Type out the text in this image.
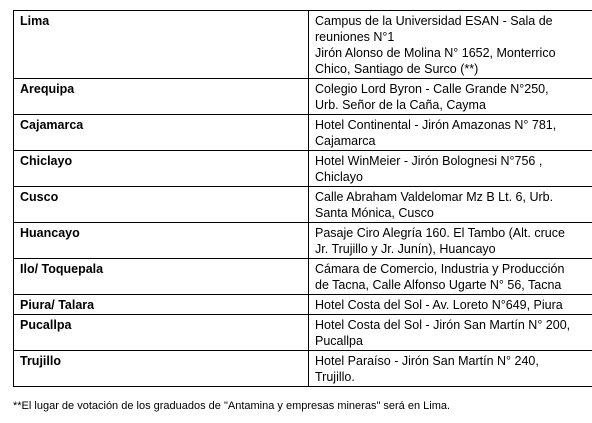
Lima	Campus de la Universidad ESAN - Sala de
reuniones N°1
Jirón Alonso de Molina N° 1652, Monterrico
Chico, Santiago de Surco (**)

Arequipa	Colegio Lord Byron - Calle Grande N°250,
Urb. Señor de la Caña, Cayma

Cajamarca	Hotel Continental - Jirón Amazonas N° 781,
Cajamarca

Chiclayo	Hotel WinMeier - Jirón Bolognesi N°756 ,
Chiclayo

Cusco	Calle Abraham Valdelomar Mz B Lt. 6, Urb.
Santa Mónica, Cusco

Huancayo	Pasaje Ciro Alegría 160. El Tambo (Alt. cruce
Jr. Trujillo y Jr. Junín), Huancayo

Ilo/ Toquepala	Cámara de Comercio, Industria y Producción
de Tacna, Calle Alfonso Ugarte N° 56, Tacna

Piura/ Talara	Hotel Costa del Sol - Av. Loreto N°649, Piura

Pucallpa	Hotel Costa del Sol - Jirón San Martín N° 200,
Pucallpa

Trujillo	Hotel Paraíso - Jirón San Martín N° 240,
Trujillo.
**El lugar de votación de los graduados de "Antamina y empresas mineras" será en Lima.
